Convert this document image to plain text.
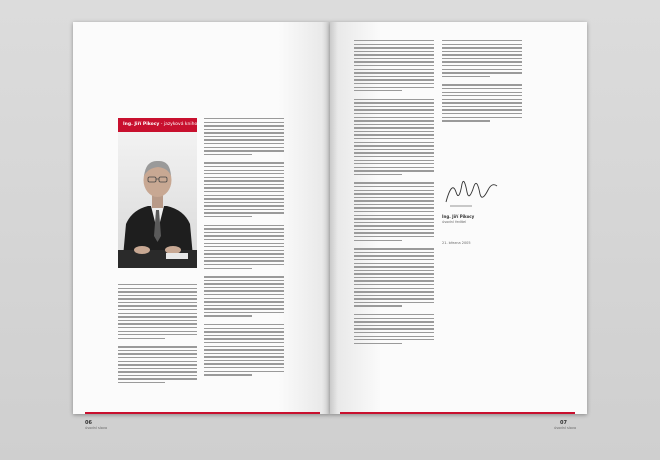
Ing. Jiří Pikocy - jazyková knihovn
06
úvodní slovo
Ing. Jiří Pikocy
úvodní ředitel
21. března 2005
07
úvodní slovo
